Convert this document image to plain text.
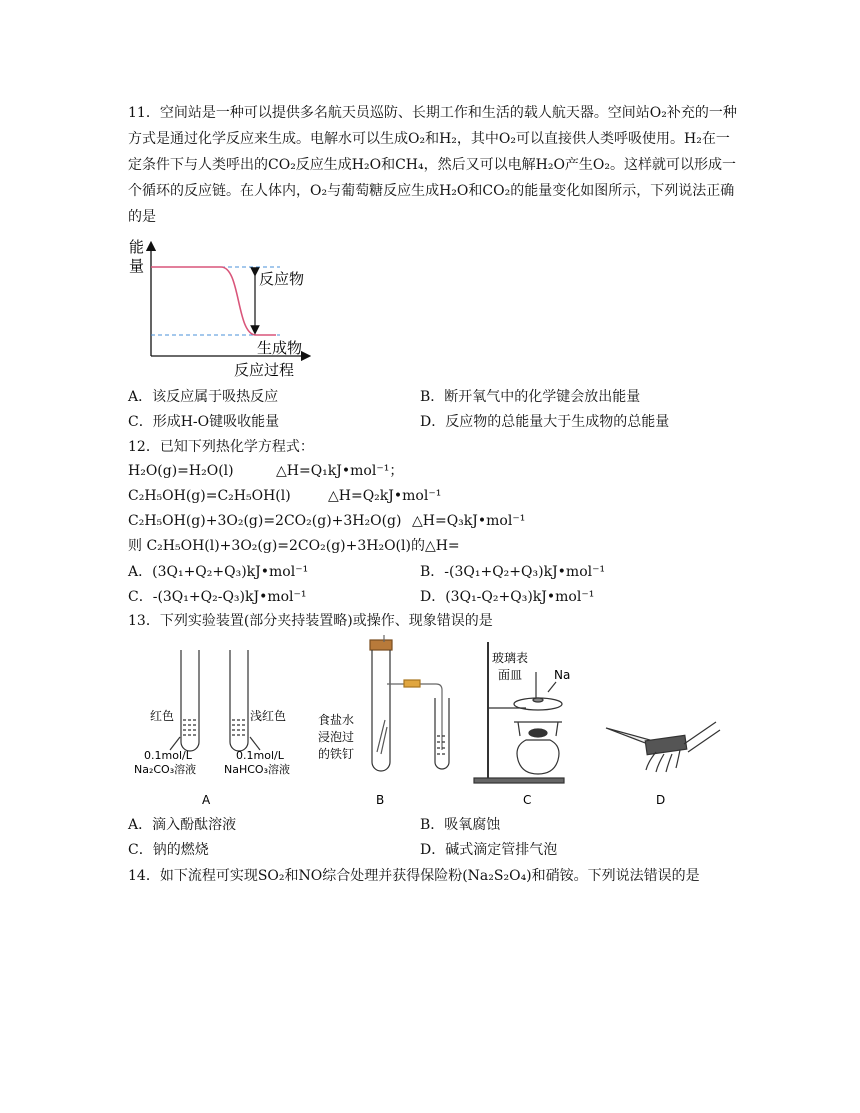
11．空间站是一种可以提供多名航天员巡防、长期工作和生活的载人航天器。空间站O₂补充的一种方式是通过化学反应来生成。电解水可以生成O₂和H₂，其中O₂可以直接供人类呼吸使用。H₂在一定条件下与人类呼出的CO₂反应生成H₂O和CH₄，然后又可以电解H₂O产生O₂。这样就可以形成一个循环的反应链。在人体内，O₂与葡萄糖反应生成H₂O和CO₂的能量变化如图所示，下列说法正确的是
能
量
反应物
生成物
反应过程
A．该反应属于吸热反应	B．断开氧气中的化学键会放出能量
C．形成H-O键吸收能量	D．反应物的总能量大于生成物的总能量
12．已知下列热化学方程式：
H₂O(g)=H₂O(l)	△H=Q₁kJ•mol⁻¹；
C₂H₅OH(g)=C₂H₅OH(l)	△H=Q₂kJ•mol⁻¹
C₂H₅OH(g)+3O₂(g)=2CO₂(g)+3H₂O(g) △H=Q₃kJ•mol⁻¹
则 C₂H₅OH(l)+3O₂(g)=2CO₂(g)+3H₂O(l)的△H=
A．(3Q₁+Q₂+Q₃)kJ•mol⁻¹	B．-(3Q₁+Q₂+Q₃)kJ•mol⁻¹
C．-(3Q₁+Q₂-Q₃)kJ•mol⁻¹	D．(3Q₁-Q₂+Q₃)kJ•mol⁻¹
13．下列实验装置(部分夹持装置略)或操作、现象错误的是
红色	浅红色
0.1mol/L
Na₂CO₃溶液
0.1mol/L
NaHCO₃溶液
A
食盐水
浸泡过
的铁钉
B
玻璃表
面皿	Na
C	D
A．滴入酚酞溶液	B．吸氧腐蚀
C．钠的燃烧	D．碱式滴定管排气泡
14．如下流程可实现SO₂和NO综合处理并获得保险粉(Na₂S₂O₄)和硝铵。下列说法错误的是
